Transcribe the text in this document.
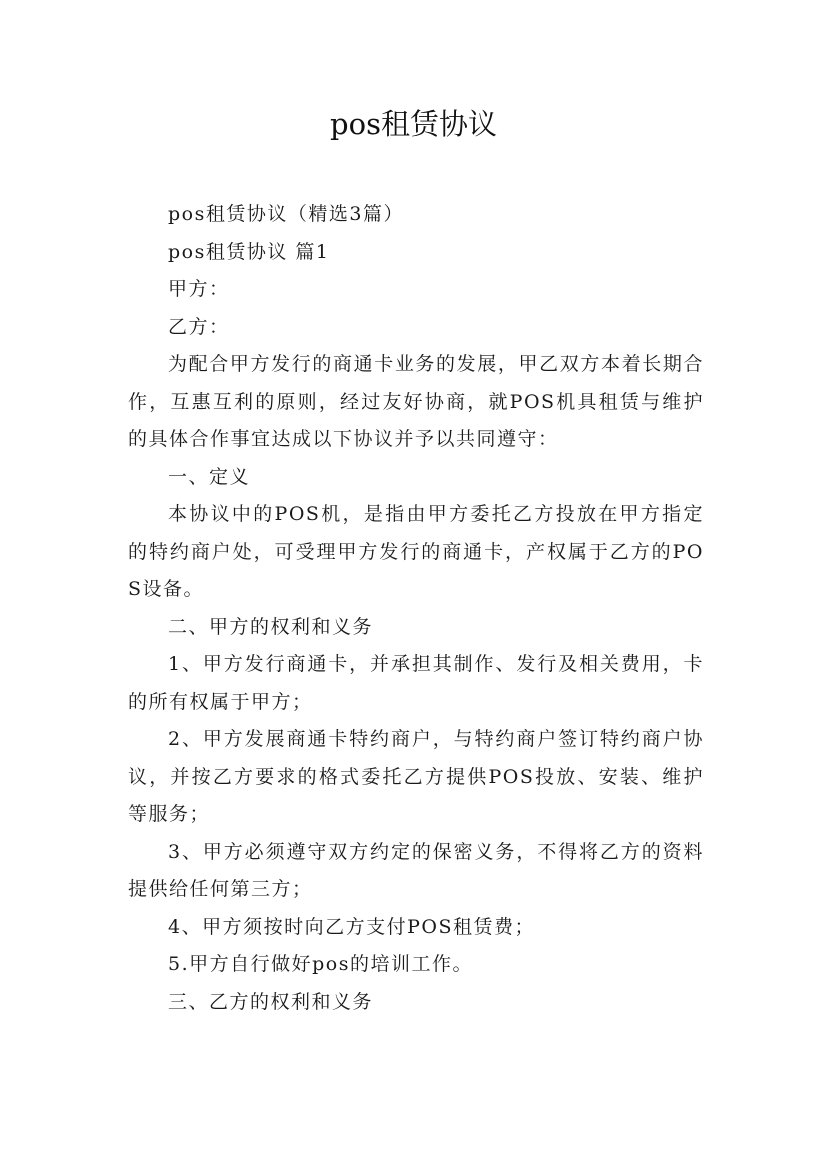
pos租赁协议

pos租赁协议（精选3篇）

pos租赁协议 篇1

甲方：

乙方：

为配合甲方发行的商通卡业务的发展，甲乙双方本着长期合作，互惠互利的原则，经过友好协商，就POS机具租赁与维护的具体合作事宜达成以下协议并予以共同遵守：

一、定义

本协议中的POS机，是指由甲方委托乙方投放在甲方指定的特约商户处，可受理甲方发行的商通卡，产权属于乙方的POS设备。

二、甲方的权利和义务

1、甲方发行商通卡，并承担其制作、发行及相关费用，卡的所有权属于甲方；

2、甲方发展商通卡特约商户，与特约商户签订特约商户协议，并按乙方要求的格式委托乙方提供POS投放、安装、维护等服务；

3、甲方必须遵守双方约定的保密义务，不得将乙方的资料提供给任何第三方；

4、甲方须按时向乙方支付POS租赁费；

5.甲方自行做好pos的培训工作。

三、乙方的权利和义务
